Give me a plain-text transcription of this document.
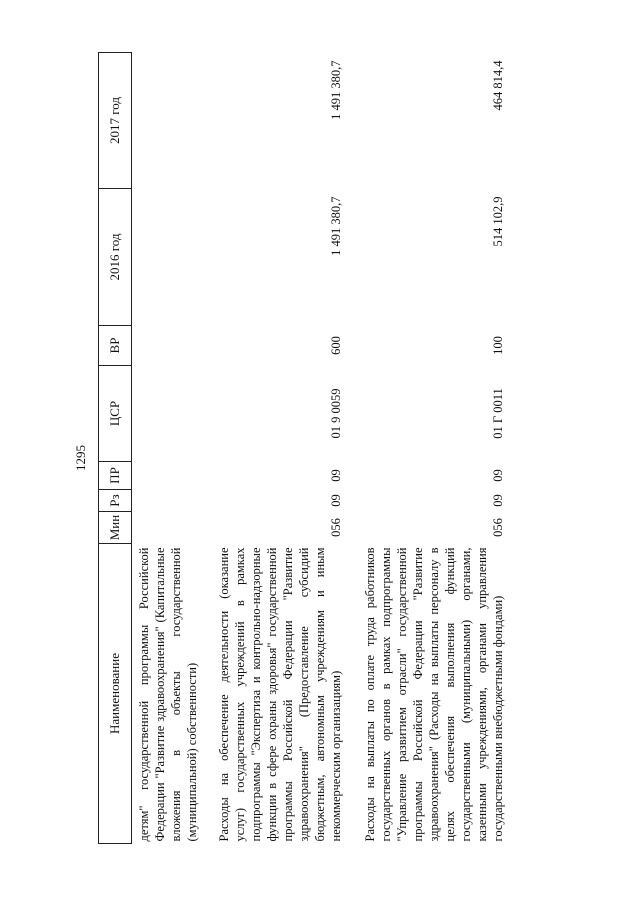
1295
Наименование	Мин	Рз	ПР	ЦСР	ВР	2016 год	2017 год
детям" государственной программы Российской Федерации "Развитие здравоохранения" (Капитальные вложения в объекты государственной (муниципальной) собственности)							
Расходы на обеспечение деятельности (оказание услуг) государственных учреждений в рамках подпрограммы "Экспертиза и контрольно-надзорные функции в сфере охраны здоровья" государственной программы Российской Федерации "Развитие здравоохранения" (Предоставление субсидий бюджетным, автономным учреждениям и иным некоммерческим организациям)	056	09	09	01 9 0059	600	1 491 380,7	1 491 380,7
Расходы на выплаты по оплате труда работников государственных органов в рамках подпрограммы "Управление развитием отрасли" государственной программы Российской Федерации "Развитие здравоохранения" (Расходы на выплаты персоналу в целях обеспечения выполнения функций государственными (муниципальными) органами, казенными учреждениями, органами управления государственными внебюджетными фондами)	056	09	09	01 Г 0011	100	514 102,9	464 814,4
